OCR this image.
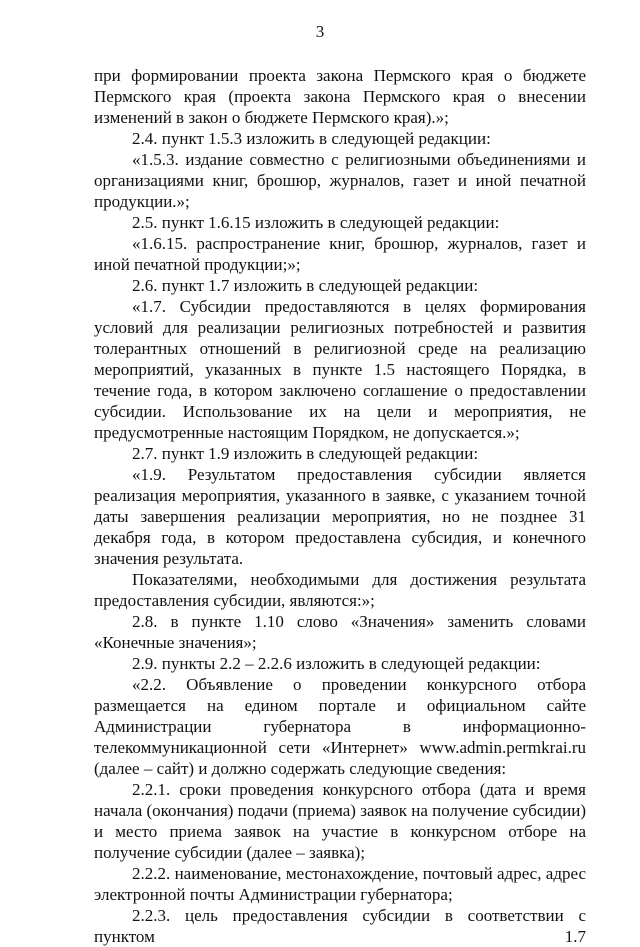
3

при формировании проекта закона Пермского края о бюджете Пермского края (проекта закона Пермского края о внесении изменений в закон о бюджете Пермского края).»;

2.4. пункт 1.5.3 изложить в следующей редакции:

«1.5.3. издание совместно с религиозными объединениями и организациями книг, брошюр, журналов, газет и иной печатной продукции.»;

2.5. пункт 1.6.15 изложить в следующей редакции:

«1.6.15. распространение книг, брошюр, журналов, газет и иной печатной продукции;»;

2.6. пункт 1.7 изложить в следующей редакции:

«1.7. Субсидии предоставляются в целях формирования условий для реализации религиозных потребностей и развития толерантных отношений в религиозной среде на реализацию мероприятий, указанных в пункте 1.5 настоящего Порядка, в течение года, в котором заключено соглашение о предоставлении субсидии. Использование их на цели и мероприятия, не предусмотренные настоящим Порядком, не допускается.»;

2.7. пункт 1.9 изложить в следующей редакции:

«1.9. Результатом предоставления субсидии является реализация мероприятия, указанного в заявке, с указанием точной даты завершения реализации мероприятия, но не позднее 31 декабря года, в котором предоставлена субсидия, и конечного значения результата.

Показателями, необходимыми для достижения результата предоставления субсидии, являются:»;

2.8. в пункте 1.10 слово «Значения» заменить словами «Конечные значения»;

2.9. пункты 2.2 – 2.2.6 изложить в следующей редакции:

«2.2. Объявление о проведении конкурсного отбора размещается на едином портале и официальном сайте Администрации губернатора в информационно-телекоммуникационной сети «Интернет» www.admin.permkrai.ru (далее – сайт) и должно содержать следующие сведения:

2.2.1. сроки проведения конкурсного отбора (дата и время начала (окончания) подачи (приема) заявок на получение субсидии) и место приема заявок на участие в конкурсном отборе на получение субсидии (далее – заявка);

2.2.2. наименование, местонахождение, почтовый адрес, адрес электронной почты Администрации губернатора;

2.2.3. цель предоставления субсидии в соответствии с пунктом 1.7
